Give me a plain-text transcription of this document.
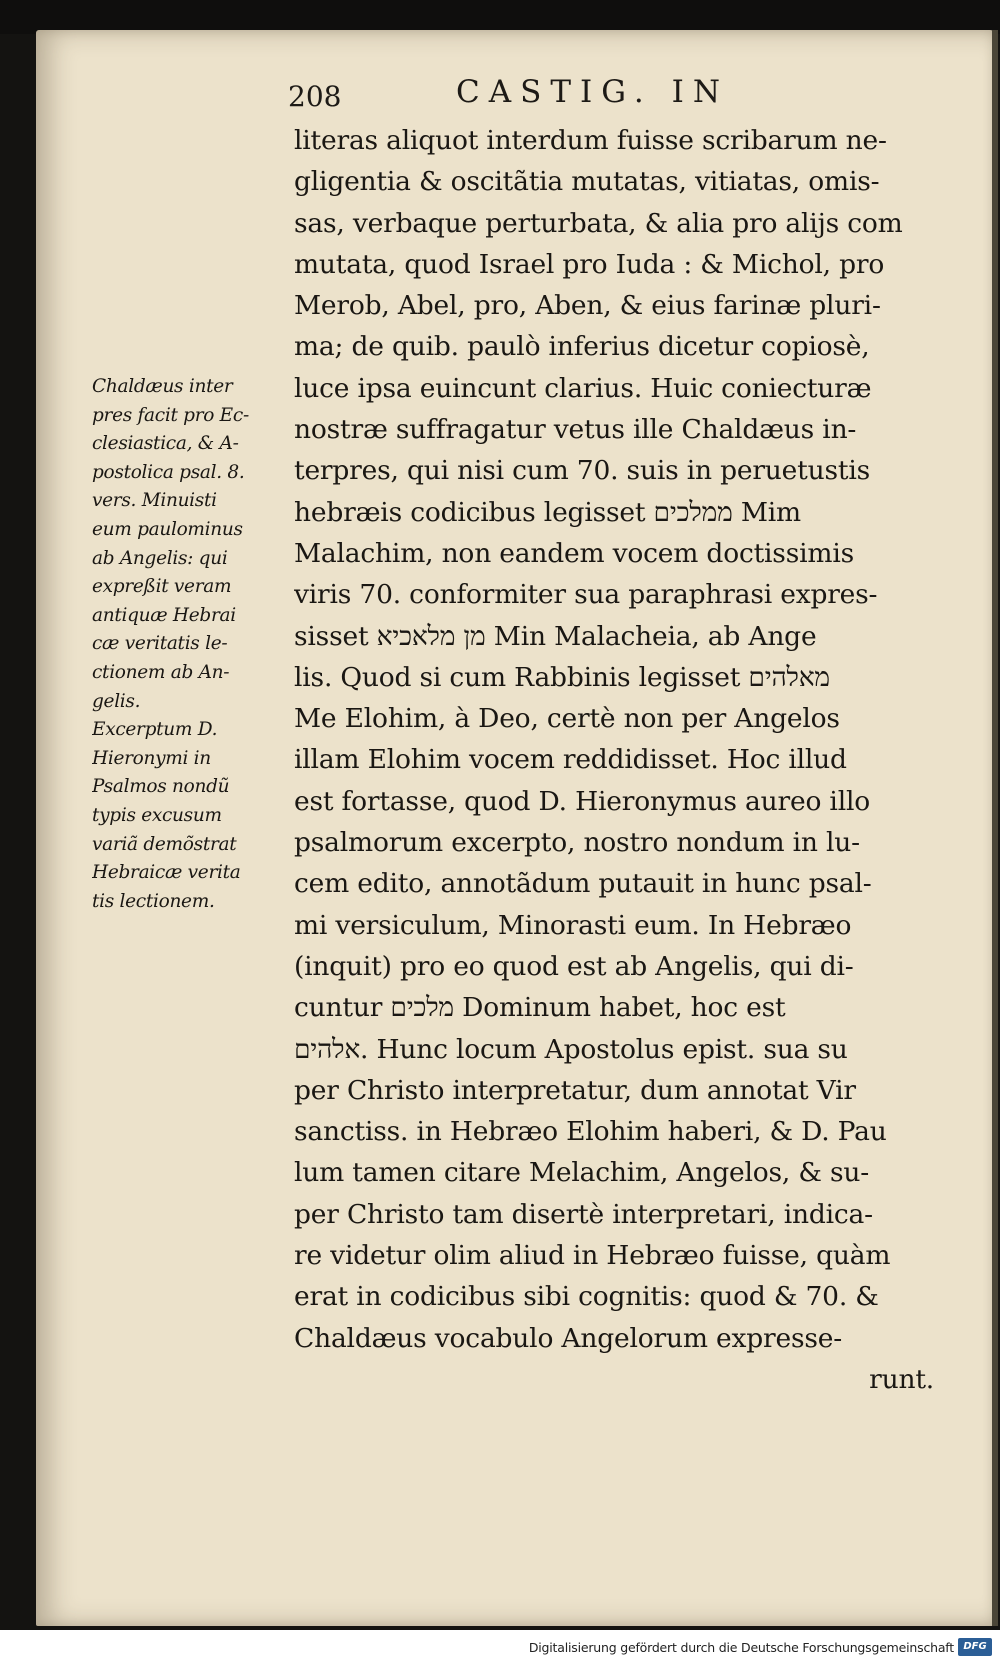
208	CASTIG. IN
Chaldæus inter
pres facit pro Ec-
clesiastica, & A-
postolica psal. 8.
vers. Minuisti
eum paulominus
ab Angelis: qui
expreßit veram
antiquæ Hebrai
cæ veritatis le-
ctionem ab An-
gelis.
Excerptum D.
Hieronymi in
Psalmos nondũ
typis excusum
variã demõstrat
Hebraicæ verita
tis lectionem.
literas aliquot interdum fuisse scribarum ne-
gligentia & oscitãtia mutatas, vitiatas, omis-
sas, verbaque perturbata, & alia pro alijs com
mutata, quod Israel pro Iuda : & Michol, pro
Merob, Abel, pro, Aben, & eius farinæ pluri-
ma; de quib. paulò inferius dicetur copiosè,
luce ipsa euincunt clarius. Huic coniecturæ
nostræ suffragatur vetus ille Chaldæus in-
terpres, qui nisi cum 70. suis in peruetustis
hebræis codicibus legisset ממלכים Mim
Malachim, non eandem vocem doctissimis
viris 70. conformiter sua paraphrasi expres-
sisset מן מלאכיא Min Malacheia, ab Ange
lis. Quod si cum Rabbinis legisset מאלהים
Me Elohim, à Deo, certè non per Angelos
illam Elohim vocem reddidisset. Hoc illud
est fortasse, quod D. Hieronymus aureo illo
psalmorum excerpto, nostro nondum in lu-
cem edito, annotãdum putauit in hunc psal-
mi versiculum, Minorasti eum. In Hebræo
(inquit) pro eo quod est ab Angelis, qui di-
cuntur מלכים Dominum habet, hoc est
אלהים. Hunc locum Apostolus epist. sua su
per Christo interpretatur, dum annotat Vir
sanctiss. in Hebræo Elohim haberi, & D. Pau
lum tamen citare Melachim, Angelos, & su-
per Christo tam disertè interpretari, indica-
re videtur olim aliud in Hebræo fuisse, quàm
erat in codicibus sibi cognitis: quod & 70. &
Chaldæus vocabulo Angelorum expresse-
runt.
Digitalisierung gefördert durch die Deutsche Forschungsgemeinschaft DFG
